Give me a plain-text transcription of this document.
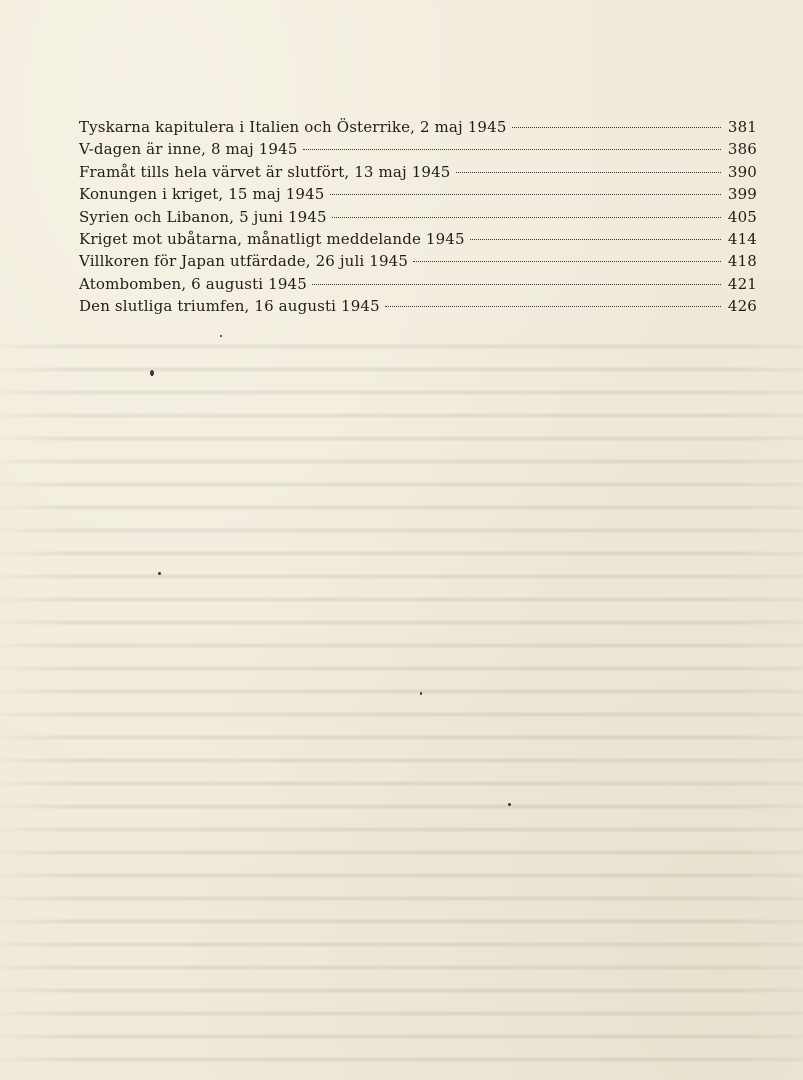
Tyskarna kapitulera i Italien och Österrike, 2 maj 1945	381
V-dagen är inne, 8 maj 1945	386
Framåt tills hela värvet är slutfört, 13 maj 1945	390
Konungen i kriget, 15 maj 1945	399
Syrien och Libanon, 5 juni 1945	405
Kriget mot ubåtarna, månatligt meddelande 1945	414
Villkoren för Japan utfärdade, 26 juli 1945	418
Atombomben, 6 augusti 1945	421
Den slutliga triumfen, 16 augusti 1945	426
